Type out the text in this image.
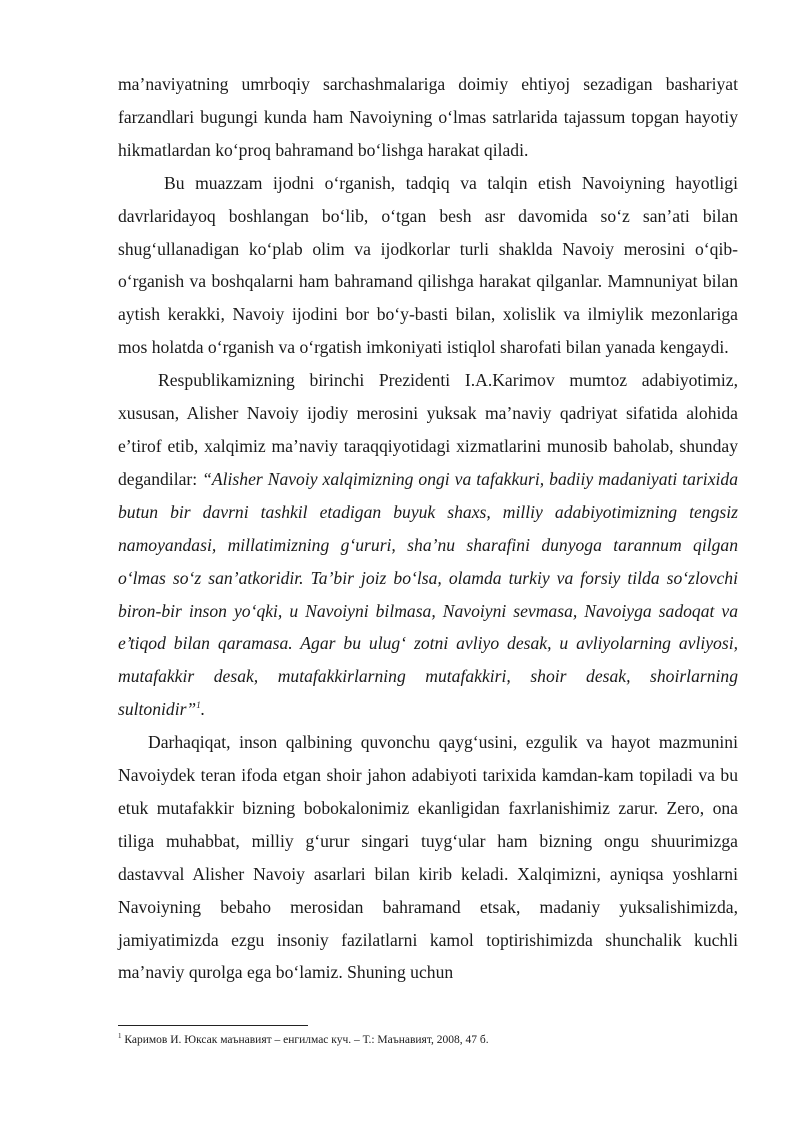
ma’naviyatning umrboqiy sarchashmalariga doimiy ehtiyoj sezadigan bashariyat farzandlari bugungi kunda ham Navoiyning o‘lmas satrlarida tajassum topgan hayotiy hikmatlardan ko‘proq bahramand bo‘lishga harakat qiladi.

Bu muazzam ijodni o‘rganish, tadqiq va talqin etish Navoiyning hayotligi davrlaridayoq boshlangan bo‘lib, o‘tgan besh asr davomida so‘z san’ati bilan shug‘ullanadigan ko‘plab olim va ijodkorlar turli shaklda Navoiy merosini o‘qib-o‘rganish va boshqalarni ham bahramand qilishga harakat qilganlar. Mamnuniyat bilan aytish kerakki, Navoiy ijodini bor bo‘y-basti bilan, xolislik va ilmiylik mezonlariga mos holatda o‘rganish va o‘rgatish imkoniyati istiqlol sharofati bilan yanada kengaydi.

Respublikamizning birinchi Prezidenti I.A.Karimov mumtoz adabiyotimiz, xususan, Alisher Navoiy ijodiy merosini yuksak ma’naviy qadriyat sifatida alohida e’tirof etib, xalqimiz ma’naviy taraqqiyotidagi xizmatlarini munosib baholab, shunday degandilar: “Alisher Navoiy xalqimizning ongi va tafakkuri, badiiy madaniyati tarixida butun bir davrni tashkil etadigan buyuk shaxs, milliy adabiyotimizning tengsiz namoyandasi, millatimizning g‘ururi, sha’nu sharafini dunyoga tarannum qilgan o‘lmas so‘z san’atkoridir. Ta’bir joiz bo‘lsa, olamda turkiy va forsiy tilda so‘zlovchi biron-bir inson yo‘qki, u Navoiyni bilmasa, Navoiyni sevmasa, Navoiyga sadoqat va e’tiqod bilan qaramasa. Agar bu ulug‘ zotni avliyo desak, u avliyolarning avliyosi, mutafakkir desak, mutafakkirlarning mutafakkiri, shoir desak, shoirlarning sultonidir”$^1$.

Darhaqiqat, inson qalbining quvonchu qayg‘usini, ezgulik va hayot mazmunini Navoiydek teran ifoda etgan shoir jahon adabiyoti tarixida kamdan-kam topiladi va bu etuk mutafakkir bizning bobokalonimiz ekanligidan faxrlanishimiz zarur. Zero, ona tiliga muhabbat, milliy g‘urur singari tuyg‘ular ham bizning ongu shuurimizga dastavval Alisher Navoiy asarlari bilan kirib keladi. Xalqimizni, ayniqsa yoshlarni Navoiyning bebaho merosidan bahramand etsak, madaniy yuksalishimizda, jamiyatimizda ezgu insoniy fazilatlarni kamol toptirishimizda shunchalik kuchli ma’naviy qurolga ega bo‘lamiz. Shuning uchun

$^1$ Каримов И. Юксак маънавият – енгилмас куч. – Т.: Маънавият, 2008, 47 б.
